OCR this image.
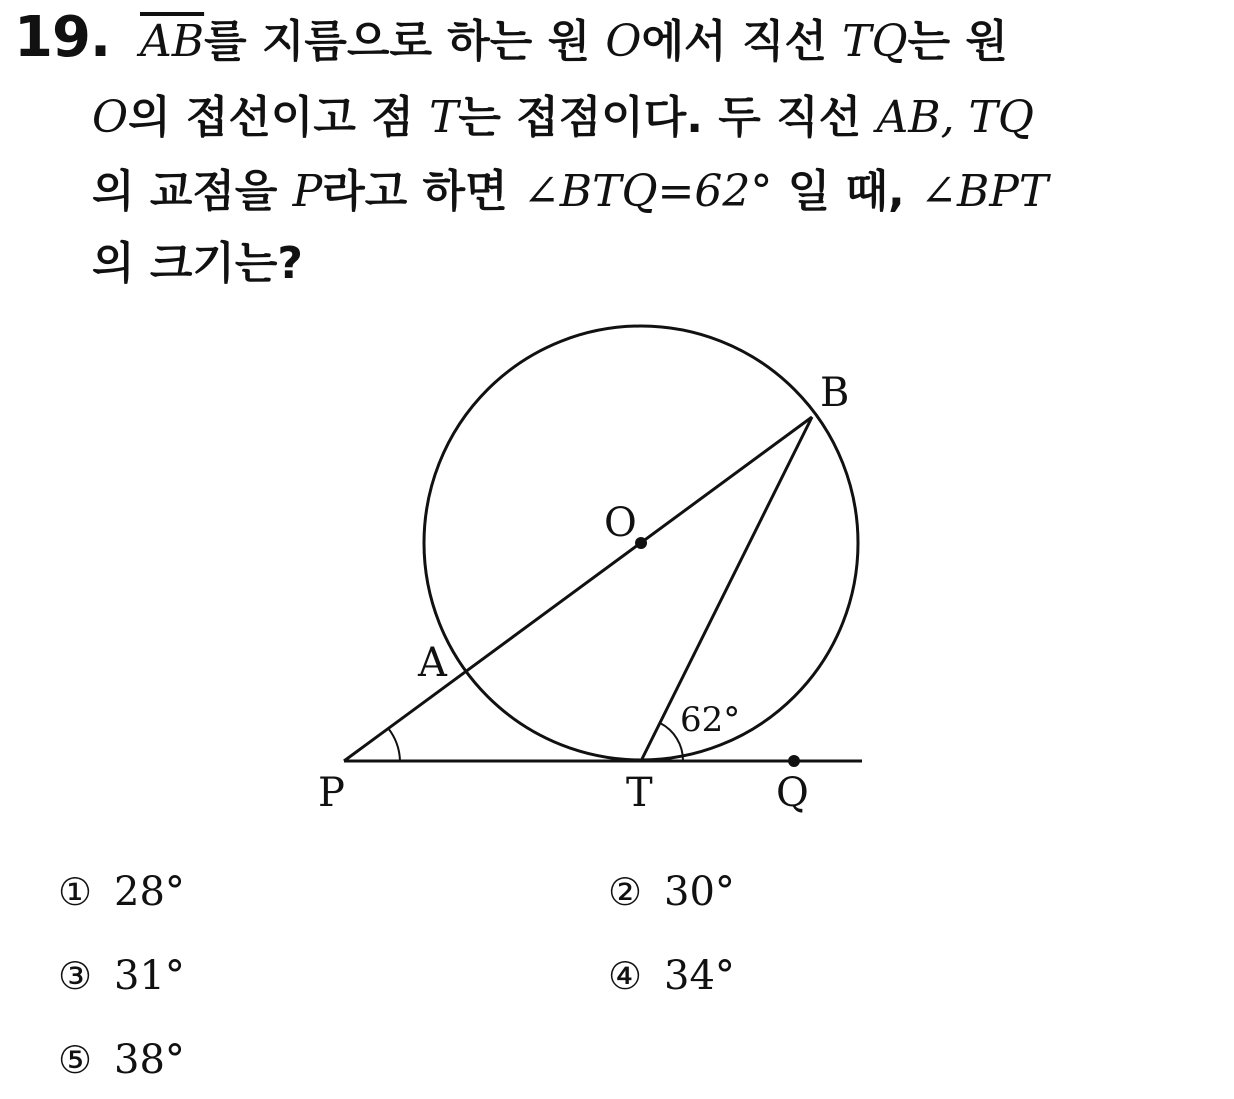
19. $\overline{AB}$를 지름으로 하는 원 O에서 직선 TQ는 원
O의 접선이고 점 T는 접점이다. 두 직선 AB, TQ
의 교점을 P라고 하면 ∠BTQ=62° 일 때, ∠BPT
의 크기는?
B
O
A
P	T	Q
62°
① 28°	② 30°
③ 31°	④ 34°
⑤ 38°
